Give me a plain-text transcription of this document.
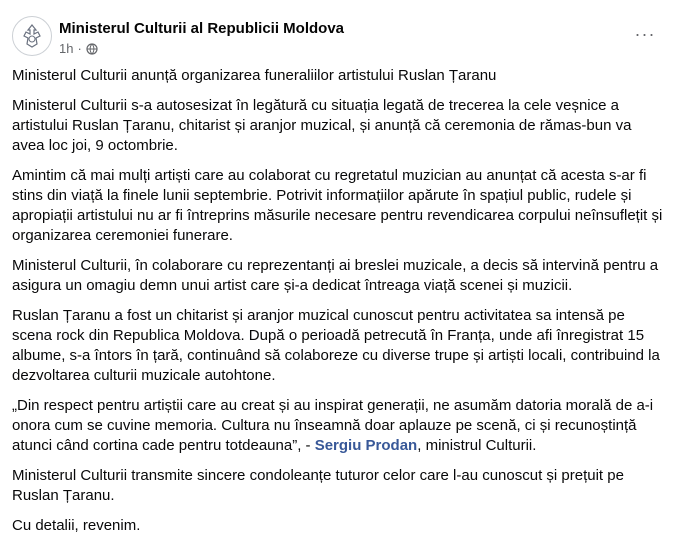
Ministerul Culturii al Republicii Moldova
1h ·
···

Ministerul Culturii anunță organizarea funeraliilor artistului Ruslan Țaranu

Ministerul Culturii s-a autosesizat în legătură cu situația legată de trecerea la cele veșnice a artistului Ruslan Țaranu, chitarist și aranjor muzical, și anunță că ceremonia de rămas-bun va avea loc joi, 9 octombrie.

Amintim că mai mulți artiști care au colaborat cu regretatul muzician au anunțat că acesta s-ar fi stins din viață la finele lunii septembrie. Potrivit informațiilor apărute în spațiul public, rudele și apropiații artistului nu ar fi întreprins măsurile necesare pentru revendicarea corpului neînsuflețit și organizarea ceremoniei funerare.

Ministerul Culturii, în colaborare cu reprezentanți ai breslei muzicale, a decis să intervină pentru a asigura un omagiu demn unui artist care și-a dedicat întreaga viață scenei și muzicii.

Ruslan Țaranu a fost un chitarist și aranjor muzical cunoscut pentru activitatea sa intensă pe scena rock din Republica Moldova. După o perioadă petrecută în Franța, unde afi înregistrat 15 albume, s-a întors în țară, continuând să colaboreze cu diverse trupe și artiști locali, contribuind la dezvoltarea culturii muzicale autohtone.

„Din respect pentru artiștii care au creat și au inspirat generații, ne asumăm datoria morală de a-i onora cum se cuvine memoria. Cultura nu înseamnă doar aplauze pe scenă, ci și recunoștință atunci când cortina cade pentru totdeauna”, - Sergiu Prodan, ministrul Culturii.

Ministerul Culturii transmite sincere condoleanțe tuturor celor care l-au cunoscut și prețuit pe Ruslan Țaranu.

Cu detalii, revenim.
